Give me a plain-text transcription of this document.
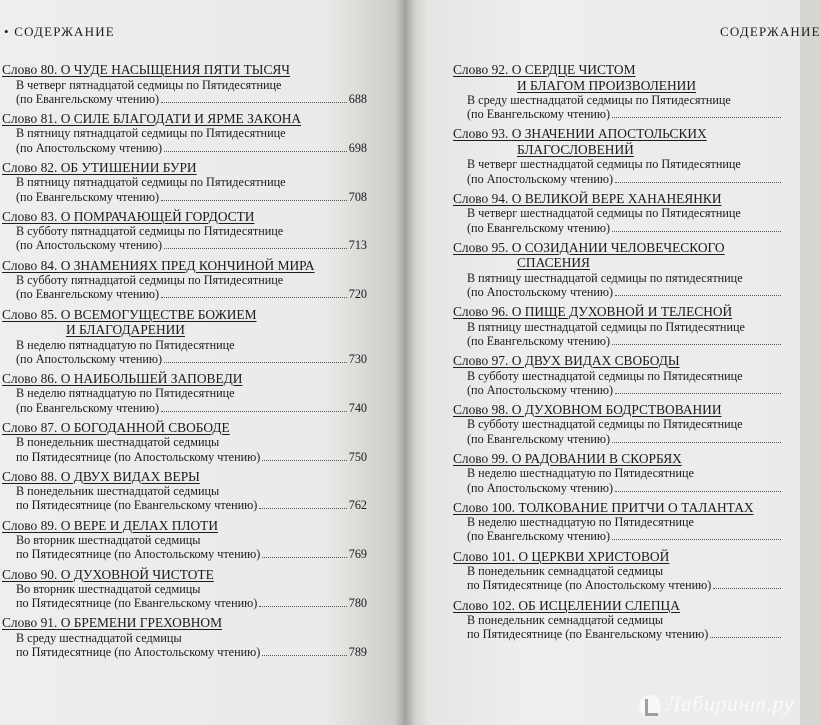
• СОДЕРЖАНИЕ
Слово 80. О ЧУДЕ НАСЫЩЕНИЯ ПЯТИ ТЫСЯЧ
В четверг пятнадцатой седмицы по Пятидесятнице
(по Евангельскому чтению)	688
Слово 81. О СИЛЕ БЛАГОДАТИ И ЯРМЕ ЗАКОНА
В пятницу пятнадцатой седмицы по Пятидесятнице
(по Апостольскому чтению)	698
Слово 82. ОБ УТИШЕНИИ БУРИ
В пятницу пятнадцатой седмицы по Пятидесятнице
(по Евангельскому чтению)	708
Слово 83. О ПОМРАЧАЮЩЕЙ ГОРДОСТИ
В субботу пятнадцатой седмицы по Пятидесятнице
(по Апостольскому чтению)	713
Слово 84. О ЗНАМЕНИЯХ ПРЕД КОНЧИНОЙ МИРА
В субботу пятнадцатой седмицы по Пятидесятнице
(по Евангельскому чтению)	720
Слово 85. О ВСЕМОГУЩЕСТВЕ БОЖИЕМ
И БЛАГОДАРЕНИИ
В неделю пятнадцатую по Пятидесятнице
(по Апостольскому чтению)	730
Слово 86. О НАИБОЛЬШЕЙ ЗАПОВЕДИ
В неделю пятнадцатую по Пятидесятнице
(по Евангельскому чтению)	740
Слово 87. О БОГОДАННОЙ СВОБОДЕ
В понедельник шестнадцатой седмицы
по Пятидесятнице (по Апостольскому чтению)	750
Слово 88. О ДВУХ ВИДАХ ВЕРЫ
В понедельник шестнадцатой седмицы
по Пятидесятнице (по Евангельскому чтению)	762
Слово 89. О ВЕРЕ И ДЕЛАХ ПЛОТИ
Во вторник шестнадцатой седмицы
по Пятидесятнице (по Апостольскому чтению)	769
Слово 90. О ДУХОВНОЙ ЧИСТОТЕ
Во вторник шестнадцатой седмицы
по Пятидесятнице (по Евангельскому чтению)	780
Слово 91. О БРЕМЕНИ ГРЕХОВНОМ
В среду шестнадцатой седмицы
по Пятидесятнице (по Апостольскому чтению)	789
СОДЕРЖАНИЕ
Слово 92. О СЕРДЦЕ ЧИСТОМ
И БЛАГОМ ПРОИЗВОЛЕНИИ
В среду шестнадцатой седмицы по Пятидесятнице
(по Евангельскому чтению)
Слово 93. О ЗНАЧЕНИИ АПОСТОЛЬСКИХ
БЛАГОСЛОВЕНИЙ
В четверг шестнадцатой седмицы по Пятидесятнице
(по Апостольскому чтению)
Слово 94. О ВЕЛИКОЙ ВЕРЕ ХАНАНЕЯНКИ
В четверг шестнадцатой седмицы по Пятидесятнице
(по Евангельскому чтению)
Слово 95. О СОЗИДАНИИ ЧЕЛОВЕЧЕСКОГО
СПАСЕНИЯ
В пятницу шестнадцатой седмицы по пятидесятнице
(по Апостольскому чтению)
Слово 96. О ПИЩЕ ДУХОВНОЙ И ТЕЛЕСНОЙ
В пятницу шестнадцатой седмицы по Пятидесятнице
(по Евангельскому чтению)
Слово 97. О ДВУХ ВИДАХ СВОБОДЫ
В субботу шестнадцатой седмицы по Пятидесятнице
(по Апостольскому чтению)
Слово 98. О ДУХОВНОМ БОДРСТВОВАНИИ
В субботу шестнадцатой седмицы по Пятидесятнице
(по Евангельскому чтению)
Слово 99. О РАДОВАНИИ В СКОРБЯХ
В неделю шестнадцатую по Пятидесятнице
(по Апостольскому чтению)
Слово 100. ТОЛКОВАНИЕ ПРИТЧИ О ТАЛАНТАХ
В неделю шестнадцатую по Пятидесятнице
(по Евангельскому чтению)
Слово 101. О ЦЕРКВИ ХРИСТОВОЙ
В понедельник семнадцатой седмицы
по Пятидесятнице (по Апостольскому чтению)
Слово 102. ОБ ИСЦЕЛЕНИИ СЛЕПЦА
В понедельник семнадцатой седмицы
по Пятидесятнице (по Евангельскому чтению)
Лабиринт.ру
